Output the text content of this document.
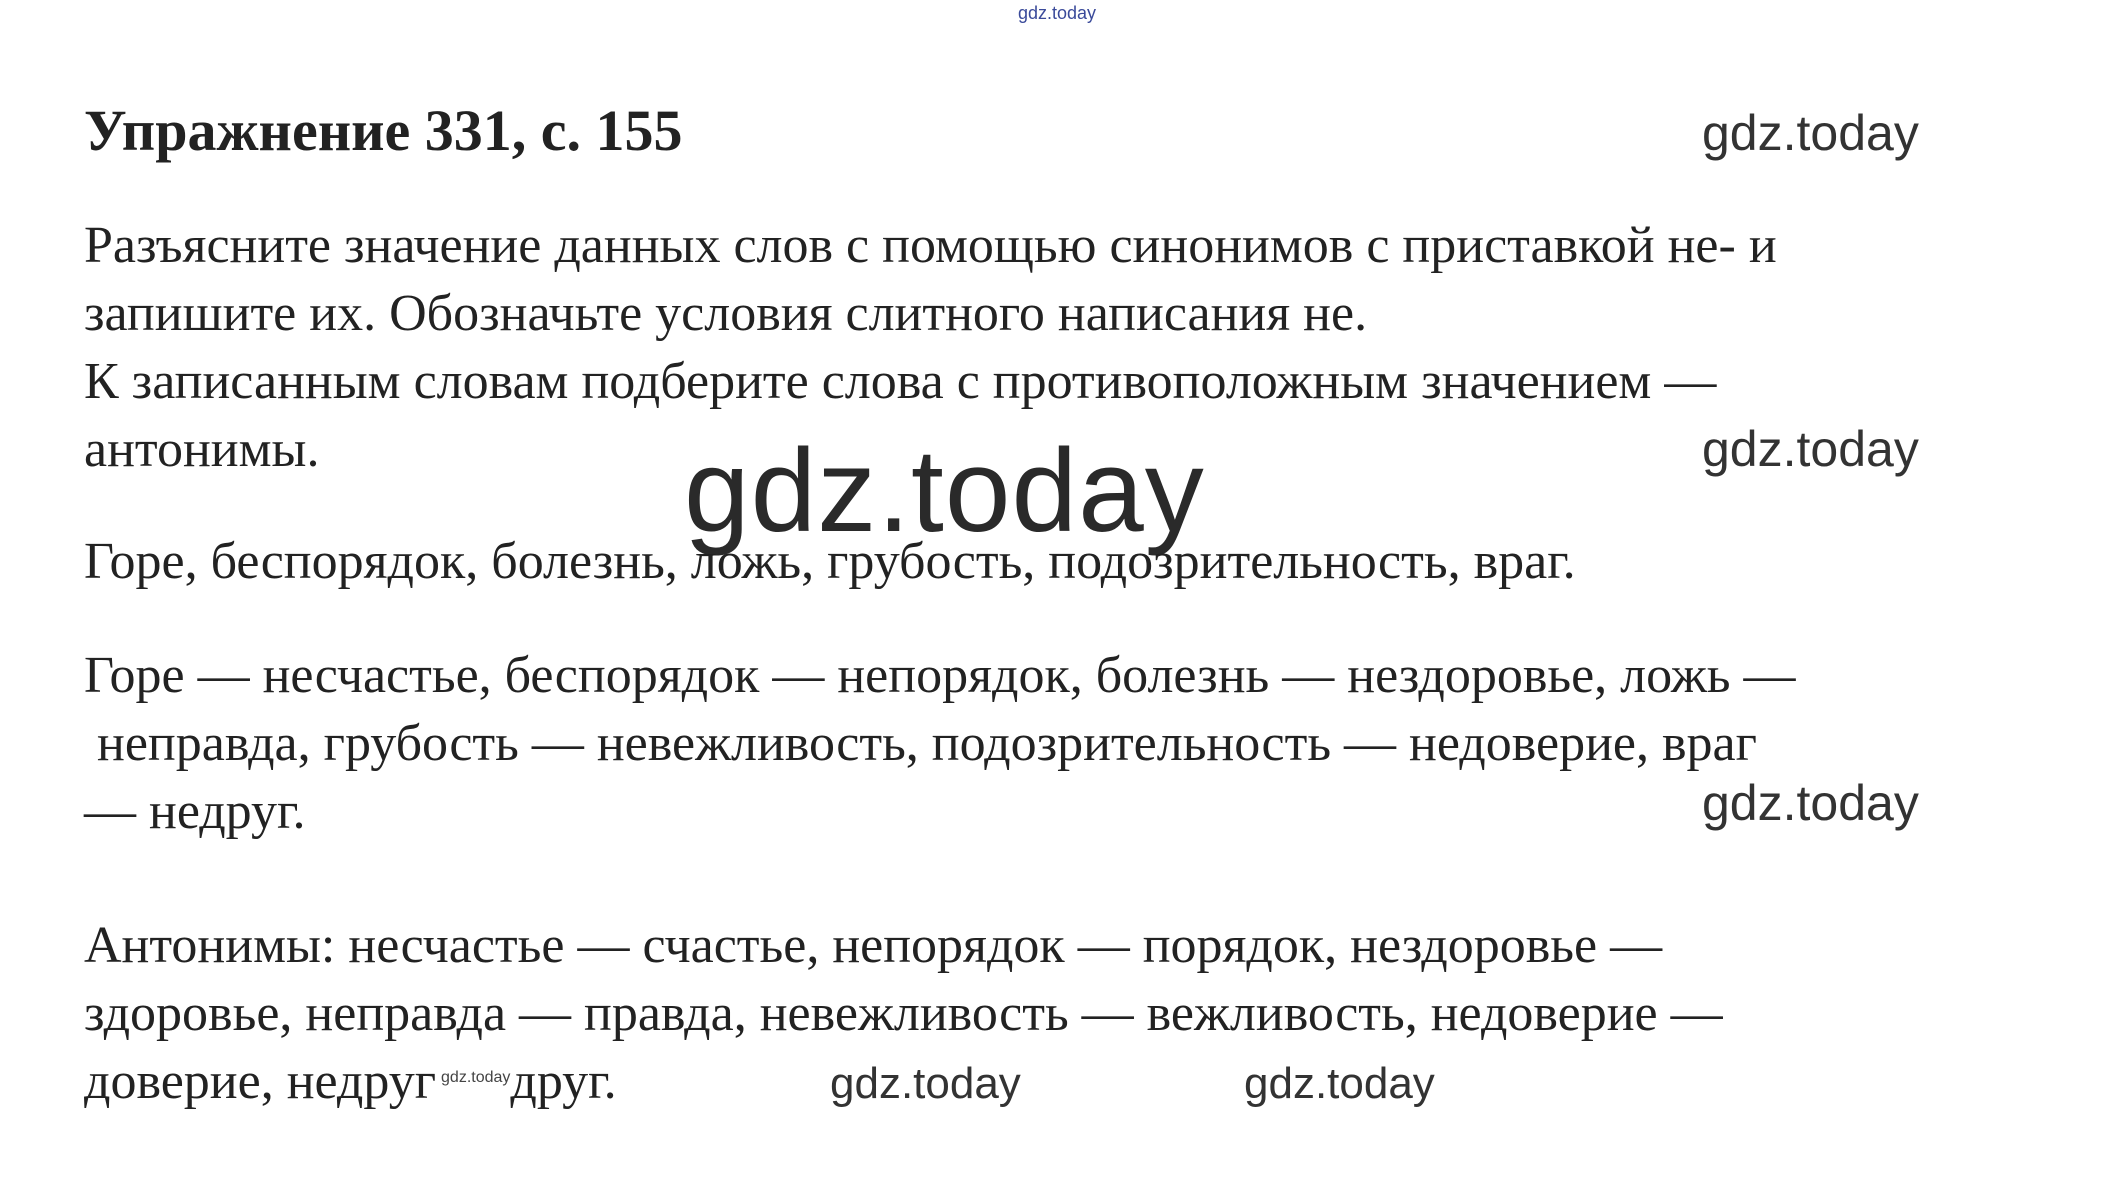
gdz.today
Упражнение 331, с. 155	gdz.today
Разъясните значение данных слов с помощью синонимов с приставкой не- и
запишите их. Обозначьте условия слитного написания не.
К записанным словам подберите слова с противоположным значением —
антонимы.	gdz.today
gdz.today
Горе, беспорядок, болезнь, ложь, грубость, подозрительность, враг.
Горе — несчастье, беспорядок — непорядок, болезнь — нездоровье, ложь —
неправда, грубость — невежливость, подозрительность — недоверие, враг
— недруг.	gdz.today
Антонимы: несчастье — счастье, непорядок — порядок, нездоровье —
здоровье, неправда — правда, невежливость — вежливость, недоверие —
доверие, недруг $^{gdz.today}$друг.	gdz.today	gdz.today
